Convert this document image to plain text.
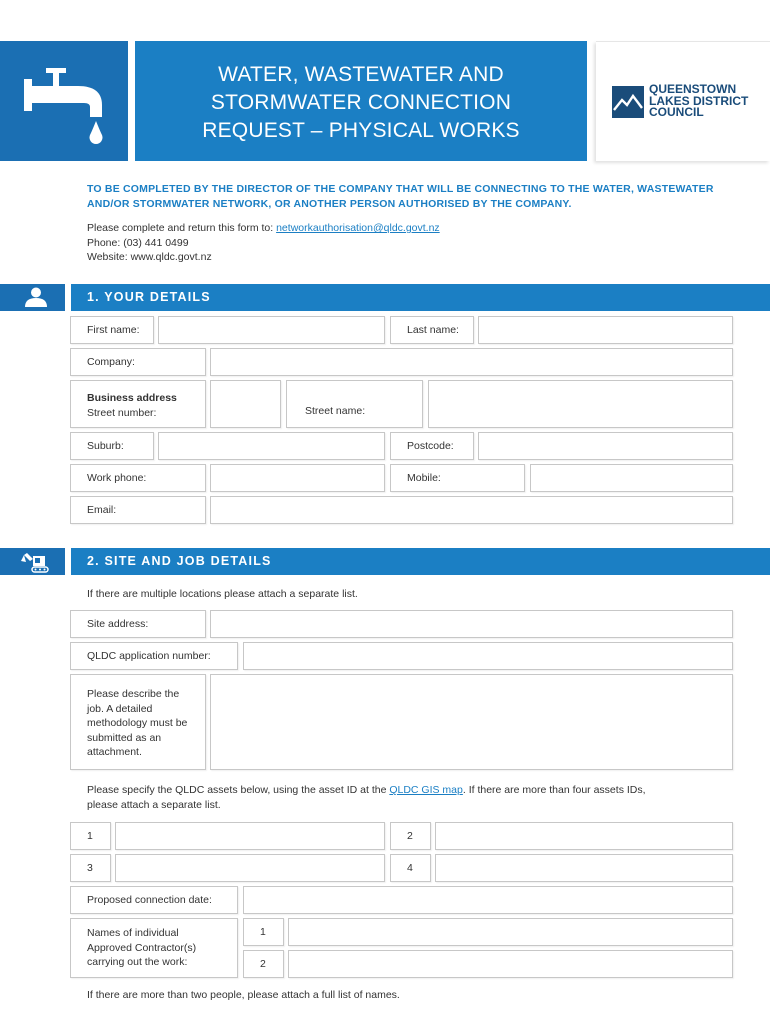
WATER, WASTEWATER AND
STORMWATER CONNECTION
REQUEST – PHYSICAL WORKS
QUEENSTOWN
LAKES DISTRICT
COUNCIL
TO BE COMPLETED BY THE DIRECTOR OF THE COMPANY THAT WILL BE CONNECTING TO THE WATER, WASTEWATER AND/OR STORMWATER NETWORK, OR ANOTHER PERSON AUTHORISED BY THE COMPANY.
Please complete and return this form to: networkauthorisation@qldc.govt.nz
Phone: (03) 441 0499
Website: www.qldc.govt.nz
1. YOUR DETAILS
First name:	Last name:
Company:
Business address
Street number:	Street name:
Suburb:	Postcode:
Work phone:	Mobile:
Email:
2. SITE AND JOB DETAILS
If there are multiple locations please attach a separate list.
Site address:
QLDC application number:
Please describe the job. A detailed methodology must be submitted as an attachment.
Please specify the QLDC assets below, using the asset ID at the QLDC GIS map. If there are more than four assets IDs,
please attach a separate list.
1	2
3	4
Proposed connection date:
Names of individual Approved Contractor(s) carrying out the work:
1
2
If there are more than two people, please attach a full list of names.
